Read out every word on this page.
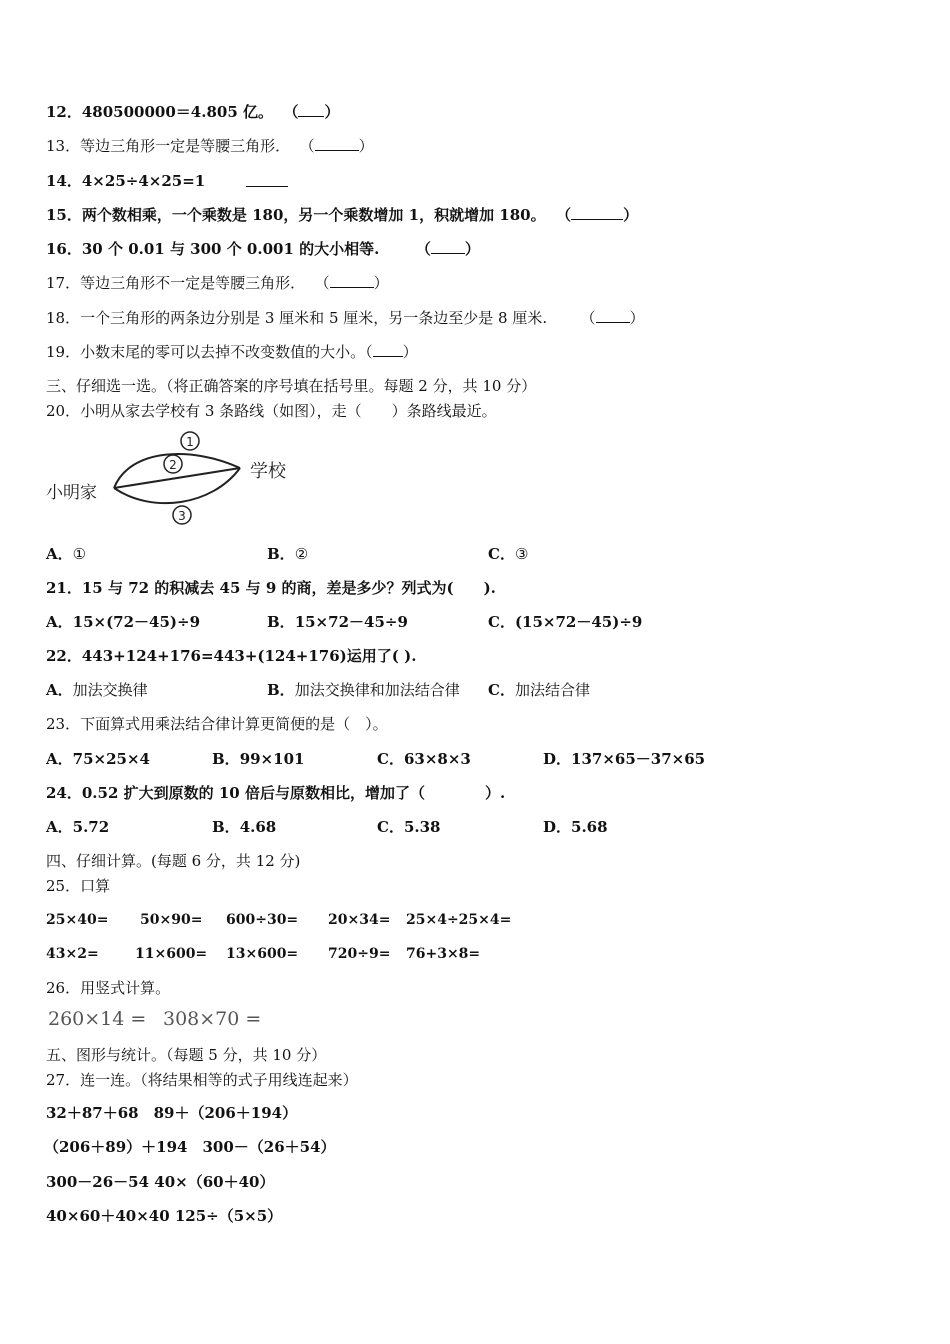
12．480500000＝4.805 亿。 （ ）
13．等边三角形一定是等腰三角形． （	）
14．4×25÷4×25=1
15．两个数相乘，一个乘数是 180，另一个乘数增加 1，积就增加 180。 （	）
16．30 个 0.01 与 300 个 0.001 的大小相等. （ ）
17．等边三角形不一定是等腰三角形． （	）
18．一个三角形的两条边分别是 3 厘米和 5 厘米，另一条边至少是 8 厘米. （ ）
19．小数末尾的零可以去掉不改变数值的大小。（ ）
三、仔细选一选。（将正确答案的序号填在括号里。每题 2 分，共 10 分）
20．小明从家去学校有 3 条路线（如图），走（　　）条路线最近。
1
2
3
小明家
学校
A．①	B．②	C．③
21．15 与 72 的积减去 45 与 9 的商，差是多少？列式为(　　).
A．15×(72－45)÷9	B．15×72－45÷9	C．(15×72－45)÷9
22．443+124+176=443+(124+176)运用了( ).
A．加法交换律	B．加法交换律和加法结合律 C．加法结合律
23．下面算式用乘法结合律计算更简便的是（　）。
A．75×25×4	B．99×101	C．63×8×3	D．137×65－37×65
24．0.52 扩大到原数的 10 倍后与原数相比，增加了（　　　　）.
A．5.72	B．4.68	C．5.38	D．5.68
四、仔细计算。(每题 6 分，共 12 分)
25．口算
25×40= 50×90= 600÷30= 20×34= 25×4÷25×4=
43×2=	11×600= 13×600= 720÷9= 76+3×8=
26．用竖式计算。
260×14 = 308×70 =
五、图形与统计。（每题 5 分，共 10 分）
27．连一连。（将结果相等的式子用线连起来）
32＋87＋68　89＋（206＋194）
（206＋89）＋194　300－（26＋54）
300－26－54 40×（60＋40）
40×60＋40×40 125÷（5×5）
